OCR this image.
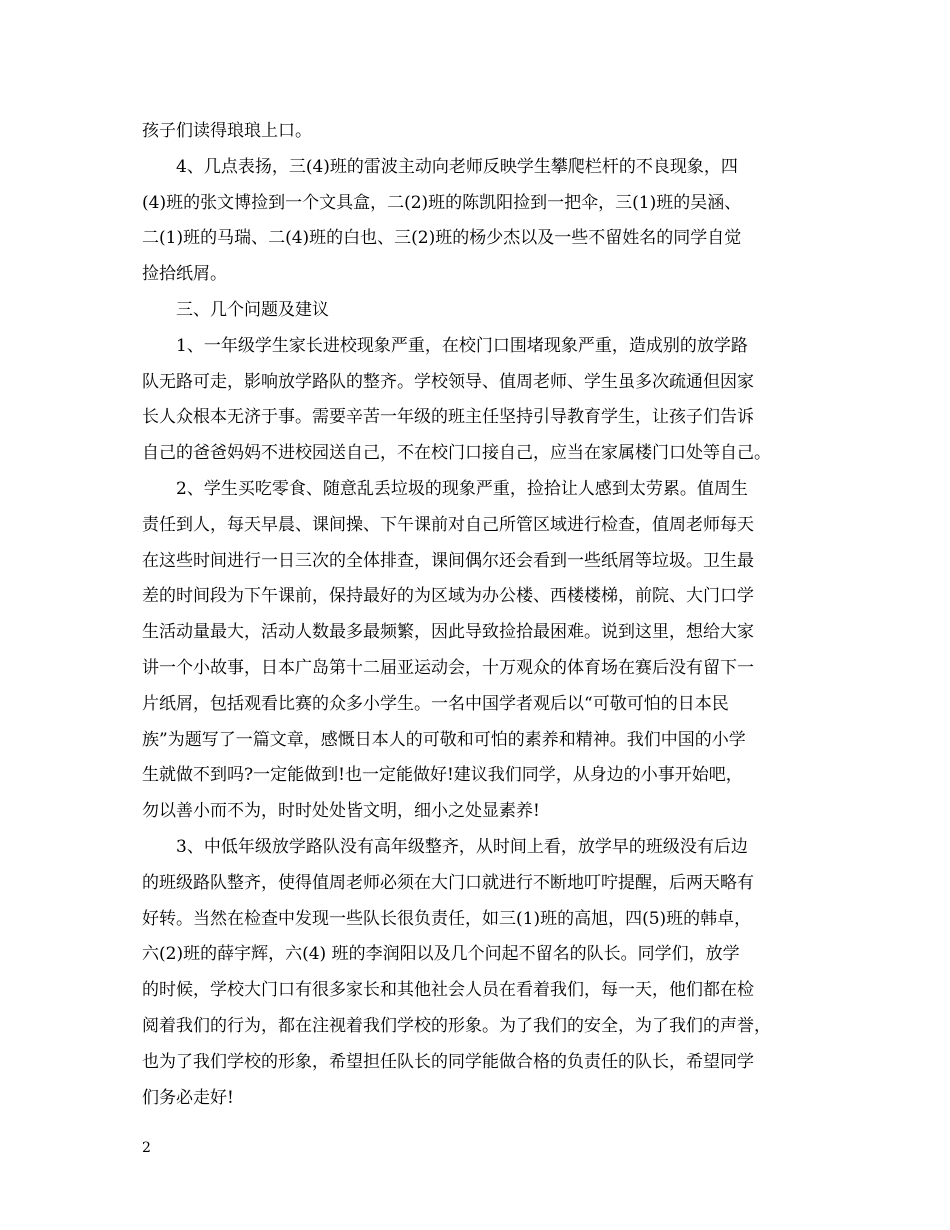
孩子们读得琅琅上口。
4、几点表扬，三(4)班的雷波主动向老师反映学生攀爬栏杆的不良现象，四
(4)班的张文博捡到一个文具盒，二(2)班的陈凯阳捡到一把伞，三(1)班的吴涵、
二(1)班的马瑞、二(4)班的白也、三(2)班的杨少杰以及一些不留姓名的同学自觉
捡拾纸屑。
三、几个问题及建议
1、一年级学生家长进校现象严重，在校门口围堵现象严重，造成别的放学路
队无路可走，影响放学路队的整齐。学校领导、值周老师、学生虽多次疏通但因家
长人众根本无济于事。需要辛苦一年级的班主任坚持引导教育学生，让孩子们告诉
自己的爸爸妈妈不进校园送自己，不在校门口接自己，应当在家属楼门口处等自己。
2、学生买吃零食、随意乱丢垃圾的现象严重，捡拾让人感到太劳累。值周生
责任到人，每天早晨、课间操、下午课前对自己所管区域进行检查，值周老师每天
在这些时间进行一日三次的全体排查，课间偶尔还会看到一些纸屑等垃圾。卫生最
差的时间段为下午课前，保持最好的为区域为办公楼、西楼楼梯，前院、大门口学
生活动量最大，活动人数最多最频繁，因此导致捡拾最困难。说到这里，想给大家
讲一个小故事，日本广岛第十二届亚运动会，十万观众的体育场在赛后没有留下一
片纸屑，包括观看比赛的众多小学生。一名中国学者观后以“可敬可怕的日本民
族”为题写了一篇文章，感慨日本人的可敬和可怕的素养和精神。我们中国的小学
生就做不到吗?一定能做到!也一定能做好!建议我们同学，从身边的小事开始吧，
勿以善小而不为，时时处处皆文明，细小之处显素养!
3、中低年级放学路队没有高年级整齐，从时间上看，放学早的班级没有后边
的班级路队整齐，使得值周老师必须在大门口就进行不断地叮咛提醒，后两天略有
好转。当然在检查中发现一些队长很负责任，如三(1)班的高旭，四(5)班的韩卓，
六(2)班的薛宇辉，六(4) 班的李润阳以及几个问起不留名的队长。同学们，放学
的时候，学校大门口有很多家长和其他社会人员在看着我们，每一天，他们都在检
阅着我们的行为，都在注视着我们学校的形象。为了我们的安全，为了我们的声誉，
也为了我们学校的形象，希望担任队长的同学能做合格的负责任的队长，希望同学
们务必走好!
2
